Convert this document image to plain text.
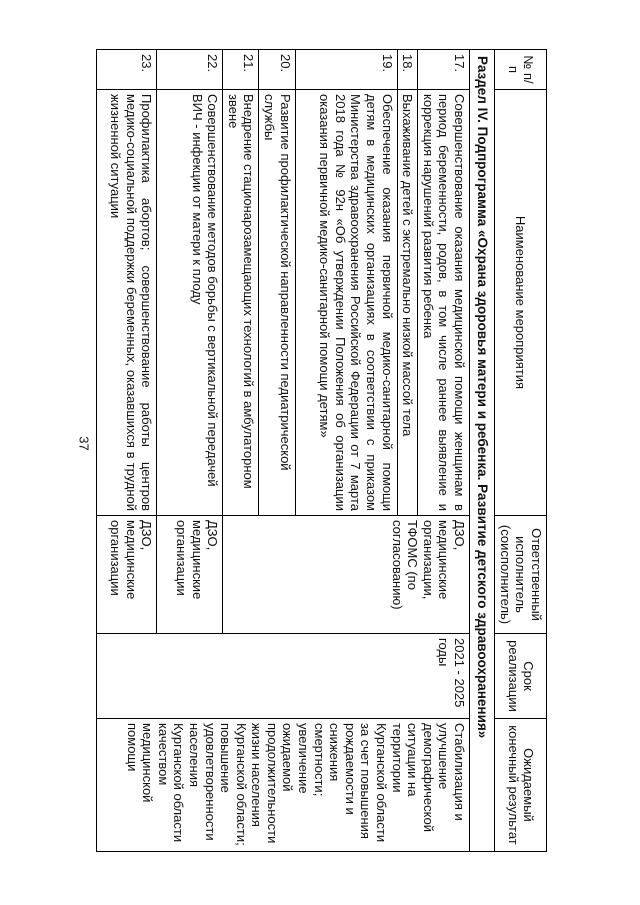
37
№ п/п	Наименование мероприятия	Ответственный исполнитель (соисполнитель)	Срок реализации	Ожидаемый конечный результат
Раздел IV. Подпрограмма «Охрана здоровья матери и ребенка. Развитие детского здравоохранения»				
17.	Совершенствование оказания медицинской помощи женщинам в период беременности, родов, в том числе раннее выявление и коррекция нарушений развития ребенка	ДЗО, медицинские организации, ТФОМС (по согласованию)	2021 - 2025 годы	Стабилизация и улучшение демографической ситуации на территории Курганской области за счет повышения рождаемости и снижения смертности; увеличение ожидаемой продолжительности жизни населения Курганской области; повышение удовлетворенности населения Курганской области качеством медицинской помощи
18.	Выхаживание детей с экстремально низкой массой тела			
19.	Обеспечение оказания первичной медико-санитарной помощи детям в медицинских организациях в соответствии с приказом Министерства здравоохранения Российской Федерации от 7 марта 2018 года № 92н «Об утверждении Положения об организации оказания первичной медико-санитарной помощи детям»			
20.	Развитие профилактической направленности педиатрической службы			
21.	Внедрение стационарозамещающих технологий в амбулаторном звене			
22.	Совершенствование методов борьбы с вертикальной передачей ВИЧ - инфекции от матери к плоду	ДЗО, медицинские организации		
23.	Профилактика абортов; совершенствование работы центров медико-социальной поддержки беременных, оказавшихся в трудной жизненной ситуации	ДЗО, медицинские организации		
